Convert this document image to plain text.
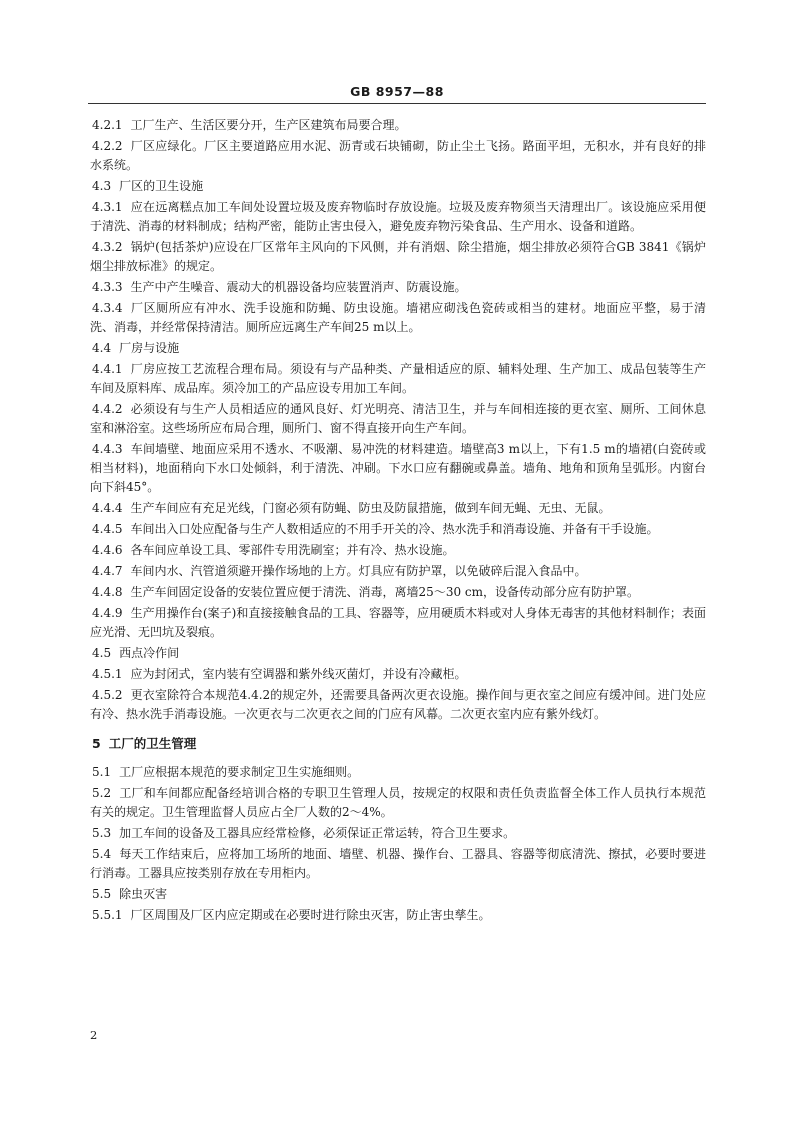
GB 8957—88
4.2.1 工厂生产、生活区要分开，生产区建筑布局要合理。
4.2.2 厂区应绿化。厂区主要道路应用水泥、沥青或石块铺砌，防止尘土飞扬。路面平坦，无积水，并有良好的排水系统。
4.3 厂区的卫生设施
4.3.1 应在远离糕点加工车间处设置垃圾及废弃物临时存放设施。垃圾及废弃物须当天清理出厂。该设施应采用便于清洗、消毒的材料制成；结构严密，能防止害虫侵入，避免废弃物污染食品、生产用水、设备和道路。
4.3.2 锅炉(包括茶炉)应设在厂区常年主风向的下风侧，并有消烟、除尘措施，烟尘排放必须符合GB 3841《锅炉烟尘排放标准》的规定。
4.3.3 生产中产生噪音、震动大的机器设备均应装置消声、防震设施。
4.3.4 厂区厕所应有冲水、洗手设施和防蝇、防虫设施。墙裙应砌浅色瓷砖或相当的建材。地面应平整，易于清洗、消毒，并经常保持清洁。厕所应远离生产车间25 m以上。
4.4 厂房与设施
4.4.1 厂房应按工艺流程合理布局。须设有与产品种类、产量相适应的原、辅料处理、生产加工、成品包装等生产车间及原料库、成品库。须冷加工的产品应设专用加工车间。
4.4.2 必须设有与生产人员相适应的通风良好、灯光明亮、清洁卫生，并与车间相连接的更衣室、厕所、工间休息室和淋浴室。这些场所应布局合理，厕所门、窗不得直接开向生产车间。
4.4.3 车间墙壁、地面应采用不透水、不吸潮、易冲洗的材料建造。墙壁高3 m以上，下有1.5 m的墙裙(白瓷砖或相当材料)，地面稍向下水口处倾斜，利于清洗、冲刷。下水口应有翻碗或鼻盖。墙角、地角和顶角呈弧形。内窗台向下斜45°。
4.4.4 生产车间应有充足光线，门窗必须有防蝇、防虫及防鼠措施，做到车间无蝇、无虫、无鼠。
4.4.5 车间出入口处应配备与生产人数相适应的不用手开关的冷、热水洗手和消毒设施、并备有干手设施。
4.4.6 各车间应单设工具、零部件专用洗刷室；并有冷、热水设施。
4.4.7 车间内水、汽管道须避开操作场地的上方。灯具应有防护罩，以免破碎后混入食品中。
4.4.8 生产车间固定设备的安装位置应便于清洗、消毒，离墙25～30 cm，设备传动部分应有防护罩。
4.4.9 生产用操作台(案子)和直接接触食品的工具、容器等，应用硬质木料或对人身体无毒害的其他材料制作；表面应光滑、无凹坑及裂痕。
4.5 西点冷作间
4.5.1 应为封闭式，室内装有空调器和紫外线灭菌灯，并设有冷藏柜。
4.5.2 更衣室除符合本规范4.4.2的规定外，还需要具备两次更衣设施。操作间与更衣室之间应有缓冲间。进门处应有冷、热水洗手消毒设施。一次更衣与二次更衣之间的门应有风幕。二次更衣室内应有紫外线灯。
5 工厂的卫生管理
5.1 工厂应根据本规范的要求制定卫生实施细则。
5.2 工厂和车间都应配备经培训合格的专职卫生管理人员，按规定的权限和责任负责监督全体工作人员执行本规范有关的规定。卫生管理监督人员应占全厂人数的2～4%。
5.3 加工车间的设备及工器具应经常检修，必须保证正常运转，符合卫生要求。
5.4 每天工作结束后，应将加工场所的地面、墙壁、机器、操作台、工器具、容器等彻底清洗、擦拭，必要时要进行消毒。工器具应按类别存放在专用柜内。
5.5 除虫灭害
5.5.1 厂区周围及厂区内应定期或在必要时进行除虫灭害，防止害虫孳生。
2
